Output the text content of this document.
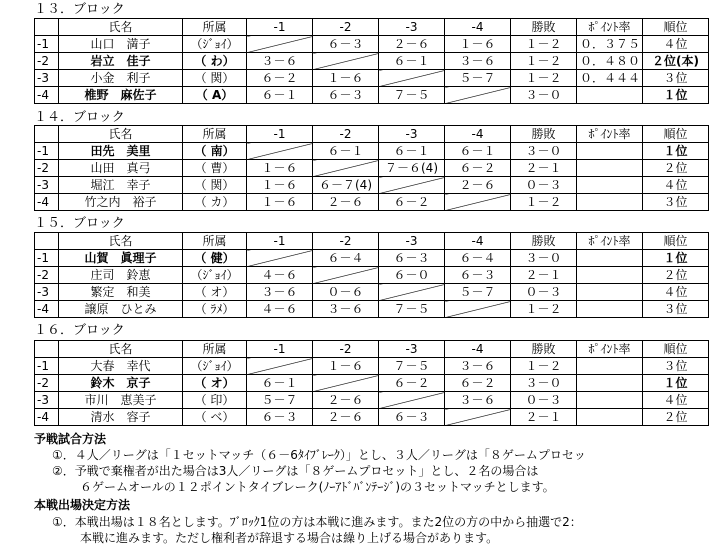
１３．ブロック
	氏名	所属	-1	-2	-3	-4	勝敗	ﾎﾟｲﾝﾄ率	順位
-1	山口　満子	（ｼﾞｮｲ）		６－３	２－６	１－６	１－２	０．３７５	４位
-2	岩立　佳子	（ わ）	３－６		６－１	３－６	１－２	０．４８０	２位(本)
-3	小金　利子	（ 関）	６－２	１－６		５－７	１－２	０．４４４	３位
-4	椎野　麻佐子	（ A）	６－１	６－３	７－５		３－０		１位
１４．ブロック
	氏名	所属	-1	-2	-3	-4	勝敗	ﾎﾟｲﾝﾄ率	順位
-1	田先　美里	（ 南）		６－１	６－１	６－１	３－０		１位
-2	山田　真弓	（ 曹）	１－６		７－６(4)	６－２	２－１		２位
-3	堀江　幸子	（ 関）	１－６	６－７(4)		２－６	０－３		４位
-4	竹之内　裕子	（ カ）	１－６	２－６	６－２		１－２		３位
１５．ブロック
	氏名	所属	-1	-2	-3	-4	勝敗	ﾎﾟｲﾝﾄ率	順位
-1	山賀　眞理子	（ 健）		６－４	６－３	６－４	３－０		１位
-2	庄司　鈴恵	（ｼﾞｮｲ）	４－６		６－０	６－３	２－１		２位
-3	繁定　和美	（ オ）	３－６	０－６		５－７	０－３		４位
-4	譲原　ひとみ	（ ﾗﾒ）	４－６	３－６	７－５		１－２		３位
１６．ブロック
	氏名	所属	-1	-2	-3	-4	勝敗	ﾎﾟｲﾝﾄ率	順位
-1	大春　幸代	（ｼﾞｮｲ）		１－６	７－５	３－６	１－２		３位
-2	鈴木　京子	（ オ）	６－１		６－２	６－２	３－０		１位
-3	市川　恵美子	（ 印）	５－７	２－６		３－６	０－３		４位
-4	清水　容子	（ ベ）	６－３	２－６	６－３		２－１		２位
予戦試合方法
①．４人／リーグは「１セットマッチ（６－6ﾀｲﾌﾞﾚｰｸ）」とし、３人／リーグは「８ゲームプロセッ
②．予戦で棄権者が出た場合は3人／リーグは「８ゲームプロセット」とし、２名の場合は
６ゲームオールの１２ポイントタイブレーク(ﾉｰｱﾄﾞﾊﾞﾝﾃｰｼﾞ)の３セットマッチとします。
本戦出場決定方法
①．本戦出場は１８名とします。ﾌﾞﾛｯｸ1位の方は本戦に進みます。また2位の方の中から抽選で2：
本戦に進みます。ただし権利者が辞退する場合は繰り上げる場合があります。
